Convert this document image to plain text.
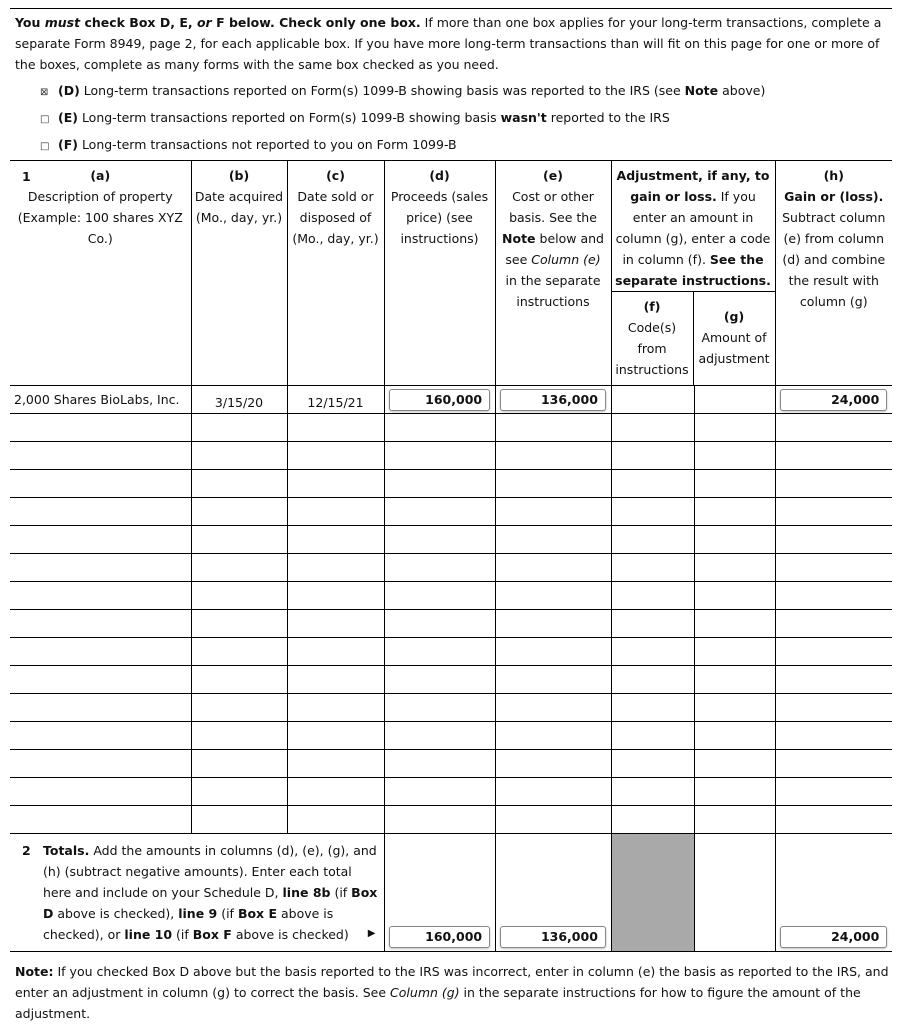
You must check Box D, E, or F below. Check only one box. If more than one box applies for your long-term transactions, complete a separate Form 8949, page 2, for each applicable box. If you have more long-term transactions than will fit on this page for one or more of the boxes, complete as many forms with the same box checked as you need.
⊠ (D) Long-term transactions reported on Form(s) 1099-B showing basis was reported to the IRS (see Note above)
□ (E) Long-term transactions reported on Form(s) 1099-B showing basis wasn't reported to the IRS
□ (F) Long-term transactions not reported to you on Form 1099-B
1	(a)

Description of property (Example: 100 shares XYZ Co.)
	(b)

Date acquired (Mo., day, yr.)
	(c)

Date sold or disposed of (Mo., day, yr.)
	(d)

Proceeds (sales price) (see instructions)
	(e)

Cost or other basis. See the Note below and see Column (e) in the separate instructions

Adjustment, if any, to gain or loss. If you enter an amount in column (g), enter a code in column (f). See the separate instructions.
(f)
Code(s) from instructions
(g)
Amount of adjustment
	(h)
Gain or (loss).

Subtract column (e) from column (d) and combine the result with column (g)

2,000 Shares BioLabs, Inc.	3/15/20	12/15/21	160,000	136,000			24,000

2 Totals. Add the amounts in columns (d), (e), (g), and (h) (subtract negative amounts). Enter each total here and include on your Schedule D, line 8b (if Box D above is checked), line 9 (if Box E above is checked), or line 10 (if Box F above is checked) ▶			160,000	136,000			24,000
Note: If you checked Box D above but the basis reported to the IRS was incorrect, enter in column (e) the basis as reported to the IRS, and enter an adjustment in column (g) to correct the basis. See Column (g) in the separate instructions for how to figure the amount of the adjustment.
